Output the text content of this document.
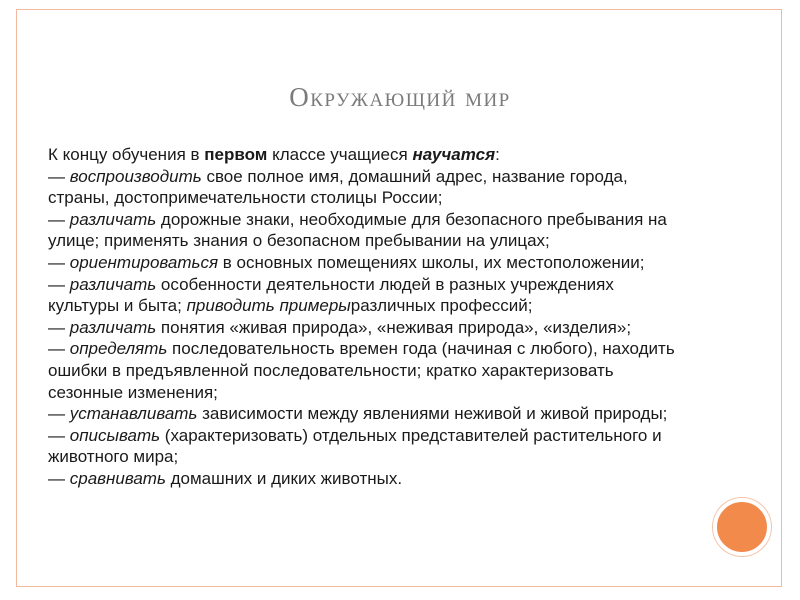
Окружающий мир
К концу обучения в первом классе учащиеся научатся:
— воспроизводить свое полное имя, домашний адрес, название города, страны, достопримечательности столицы России;
— различать дорожные знаки, необходимые для безопасного пребывания на улице; применять знания о безопасном пребывании на улицах;
— ориентироваться в основных помещениях школы, их местоположении;
— различать особенности деятельности людей в разных учреждениях культуры и быта; приводить примерыразличных профессий;
— различать понятия «живая природа», «неживая природа», «изделия»;
— определять последовательность времен года (начиная с любого), находить ошибки в предъявленной последовательности; кратко характеризовать сезонные изменения;
— устанавливать зависимости между явлениями неживой и живой природы;
— описывать (характеризовать) отдельных представителей растительного и животного мира;
— сравнивать домашних и диких животных.
